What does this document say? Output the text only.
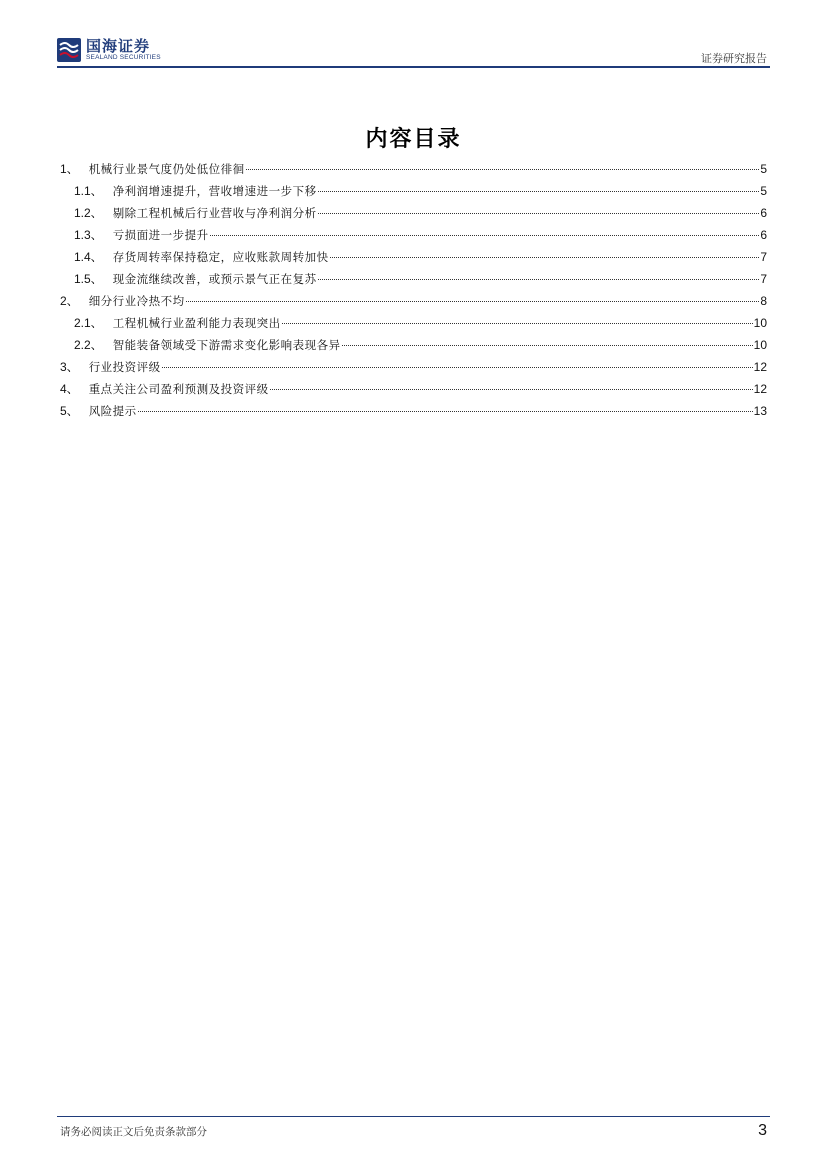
国海证券
SEALAND SECURITIES	证券研究报告
内容目录
1、 机械行业景气度仍处低位徘徊	5
1.1、 净利润增速提升，营收增速进一步下移	5
1.2、 剔除工程机械后行业营收与净利润分析	6
1.3、 亏损面进一步提升	6
1.4、 存货周转率保持稳定，应收账款周转加快	7
1.5、 现金流继续改善，或预示景气正在复苏	7
2、 细分行业冷热不均	8
2.1、 工程机械行业盈利能力表现突出	10
2.2、 智能装备领域受下游需求变化影响表现各异	10
3、 行业投资评级	12
4、 重点关注公司盈利预测及投资评级	12
5、 风险提示	13
请务必阅读正文后免责条款部分	3
